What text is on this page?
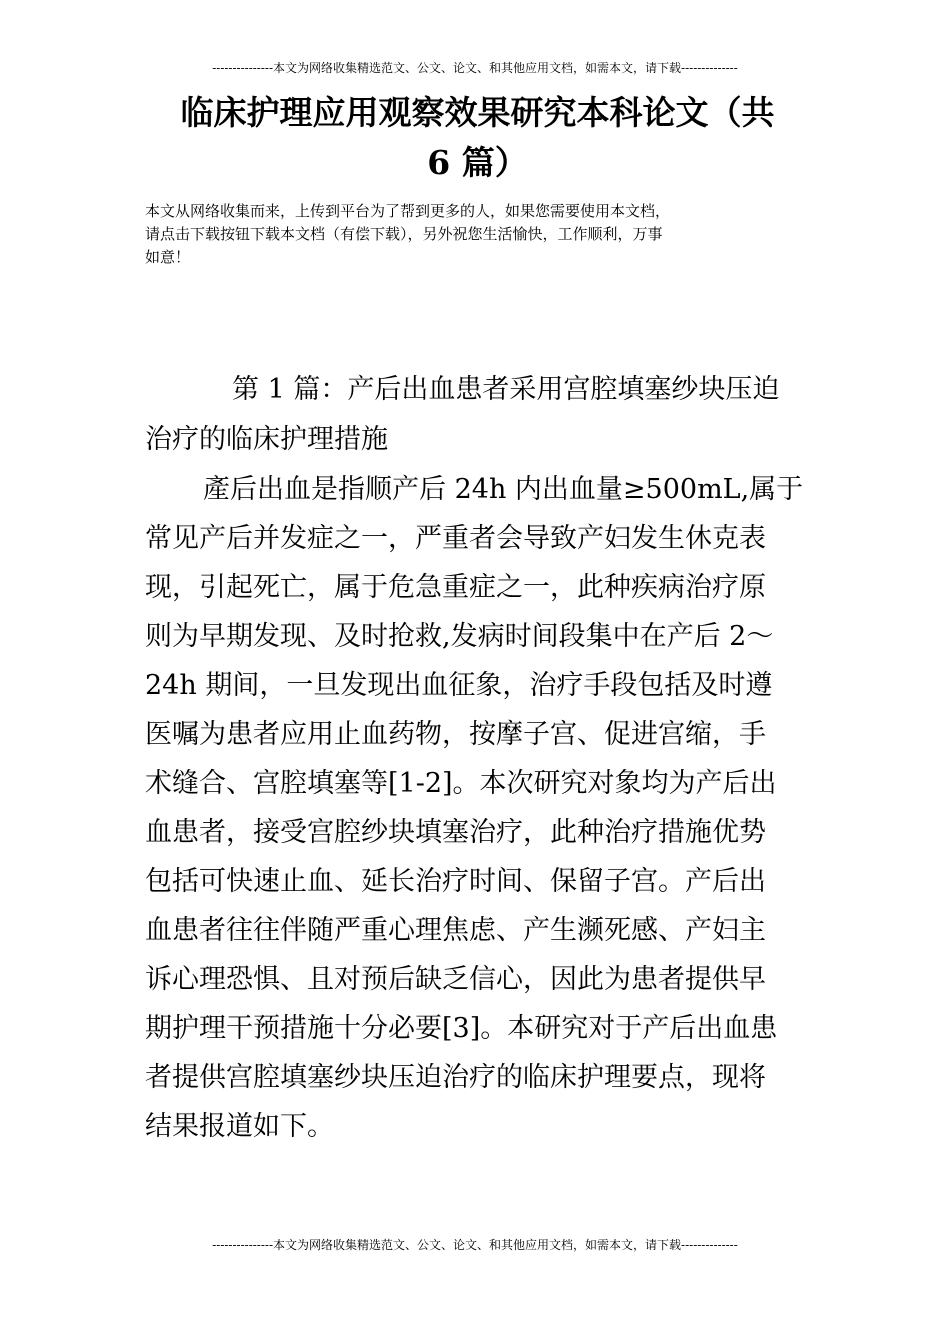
---------------本文为网络收集精选范文、公文、论文、和其他应用文档，如需本文，请下载--------------
临床护理应用观察效果研究本科论文（共
6 篇）
本文从网络收集而来，上传到平台为了帮到更多的人，如果您需要使用本文档，
请点击下载按钮下载本文档（有偿下载），另外祝您生活愉快，工作顺利，万事
如意！
第 1 篇：产后出血患者采用宫腔填塞纱块压迫
治疗的临床护理措施
產后出血是指顺产后 24h 内出血量≥500mL,属于
常见产后并发症之一，严重者会导致产妇发生休克表
现，引起死亡，属于危急重症之一，此种疾病治疗原
则为早期发现、及时抢救,发病时间段集中在产后 2～
24h 期间，一旦发现出血征象，治疗手段包括及时遵
医嘱为患者应用止血药物，按摩子宫、促进宫缩，手
术缝合、宫腔填塞等[1-2]。本次研究对象均为产后出
血患者，接受宫腔纱块填塞治疗，此种治疗措施优势
包括可快速止血、延长治疗时间、保留子宫。产后出
血患者往往伴随严重心理焦虑、产生濒死感、产妇主
诉心理恐惧、且对预后缺乏信心，因此为患者提供早
期护理干预措施十分必要[3]。本研究对于产后出血患
者提供宫腔填塞纱块压迫治疗的临床护理要点，现将
结果报道如下。
---------------本文为网络收集精选范文、公文、论文、和其他应用文档，如需本文，请下载--------------
